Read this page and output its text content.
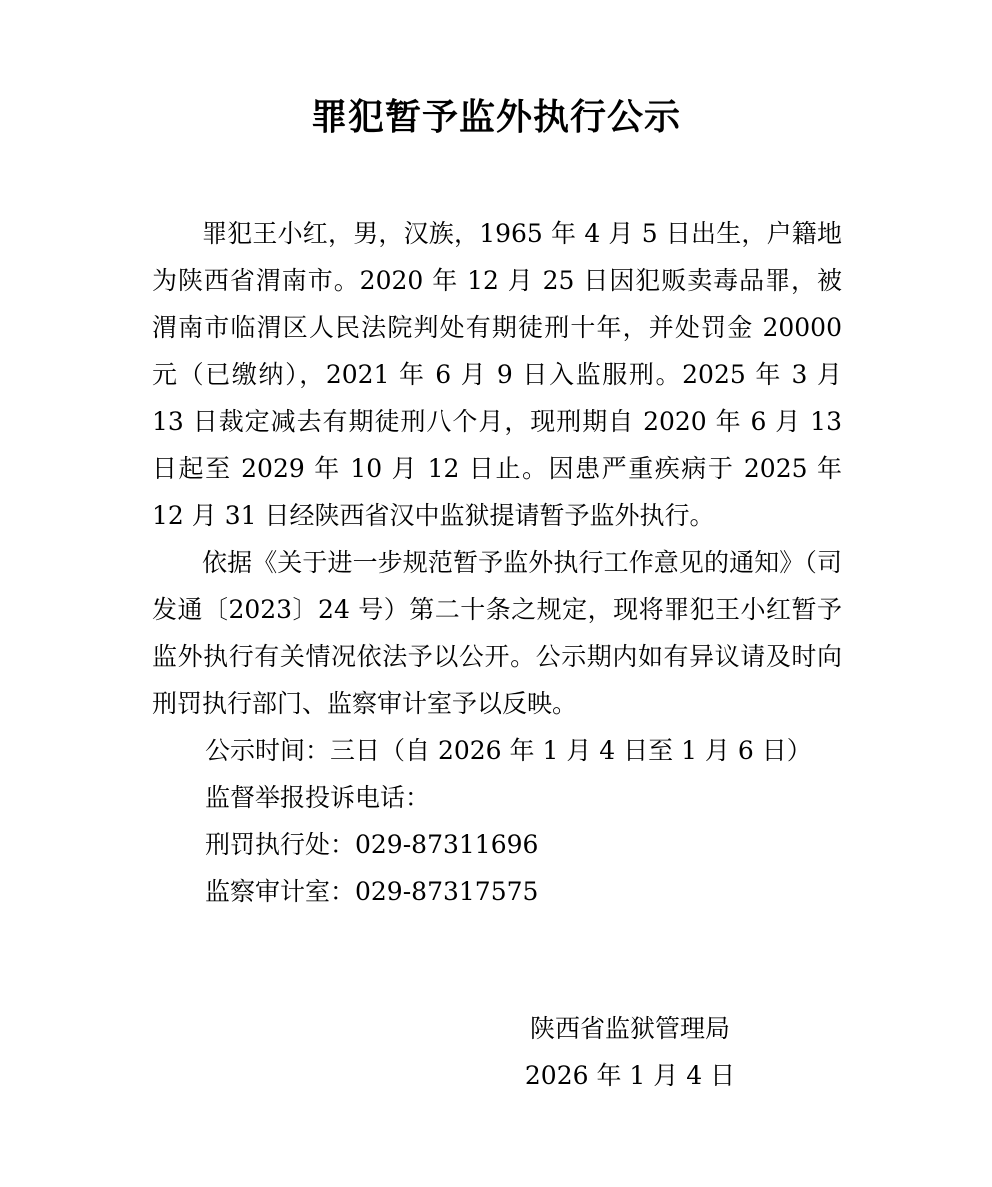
罪犯暂予监外执行公示

罪犯王小红，男，汉族，1965 年 4 月 5 日出生，户籍地为陕西省渭南市。2020 年 12 月 25 日因犯贩卖毒品罪，被渭南市临渭区人民法院判处有期徒刑十年，并处罚金 20000 元（已缴纳），2021 年 6 月 9 日入监服刑。2025 年 3 月 13 日裁定减去有期徒刑八个月，现刑期自 2020 年 6 月 13 日起至 2029 年 10 月 12 日止。因患严重疾病于 2025 年 12 月 31 日经陕西省汉中监狱提请暂予监外执行。

依据《关于进一步规范暂予监外执行工作意见的通知》（司发通〔2023〕24 号）第二十条之规定，现将罪犯王小红暂予监外执行有关情况依法予以公开。公示期内如有异议请及时向刑罚执行部门、监察审计室予以反映。

公示时间：三日（自 2026 年 1 月 4 日至 1 月 6 日）

监督举报投诉电话：

刑罚执行处：029-87311696

监察审计室：029-87317575

陕西省监狱管理局
2026 年 1 月 4 日
